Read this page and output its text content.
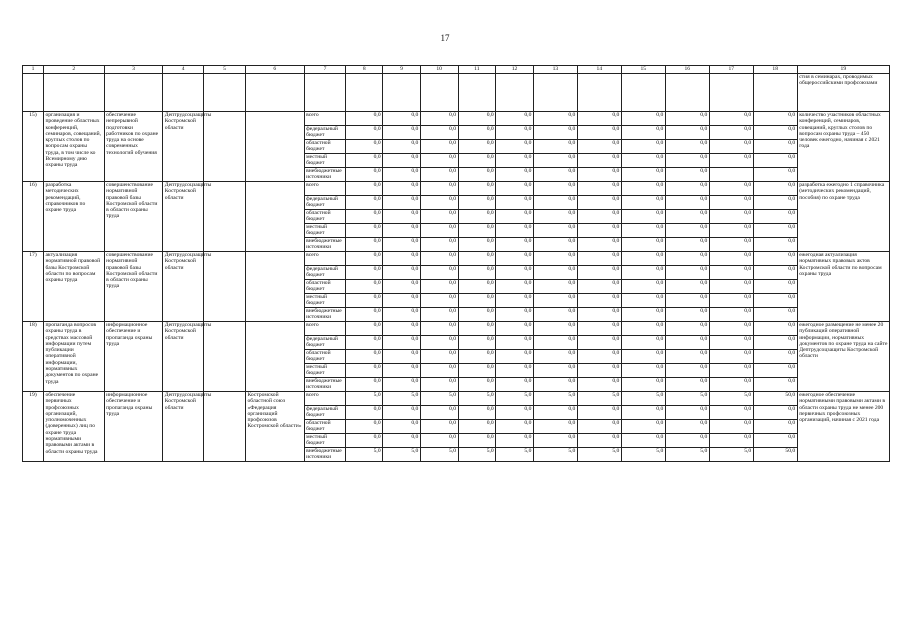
17
1	2	3	4	5	6	7	8	9	10	11	12	13	14	15	16	17	18	19
																		стия в семинарах, проводимых общероссийскими профсоюзами
15)	организация и проведение областных конференций, семинаров, совещаний, круглых столов по вопросам охраны труда, в том числе ко Всемирному дню охраны труда	обеспечение непрерывной подготовки работников по охране труда на основе современных технологий обучения	Дептрудсоцзащиты Костромской области			всего	0,0	0,0	0,0	0,0	0,0	0,0	0,0	0,0	0,0	0,0	0,0	количество участников областных конференций, семинаров, совещаний, круглых столов по вопросам охраны труда – 450 человек ежегодно, начиная с 2021 года
						федеральный бюджет	0,0	0,0	0,0	0,0	0,0	0,0	0,0	0,0	0,0	0,0	0,0	
						областной бюджет	0,0	0,0	0,0	0,0	0,0	0,0	0,0	0,0	0,0	0,0	0,0	
						местный бюджет	0,0	0,0	0,0	0,0	0,0	0,0	0,0	0,0	0,0	0,0	0,0	
						внебюджетные источники	0,0	0,0	0,0	0,0	0,0	0,0	0,0	0,0	0,0		0,0	
16)	разработка методических рекомендаций, справочников по охране труда	совершенствование нормативной правовой базы Костромской области в области охраны труда	Дептрудсоцзащиты Костромской области			всего	0,0	0,0	0,0	0,0	0,0	0,0	0,0	0,0	0,0	0,0	0,0	разработка ежегодно 1 справочника (методических рекомендаций, пособия) по охране труда
						федеральный бюджет	0,0	0,0	0,0	0,0	0,0	0,0	0,0	0,0	0,0	0,0	0,0	
						областной бюджет	0,0	0,0	0,0	0,0	0,0	0,0	0,0	0,0	0,0	0,0	0,0	
						местный бюджет	0,0	0,0	0,0	0,0	0,0	0,0	0,0	0,0	0,0	0,0	0,0	
						внебюджетные источники	0,0	0,0	0,0	0,0	0,0	0,0	0,0	0,0	0,0	0,0	0,0	
17)	актуализация нормативной правовой базы Костромской области по вопросам охраны труда	совершенствование нормативной правовой базы Костромской области в области охраны труда	Дептрудсоцзащиты Костромской области			всего	0,0	0,0	0,0	0,0	0,0	0,0	0,0	0,0	0,0	0,0	0,0	ежегодная актуализация нормативных правовых актов Костромской области по вопросам охраны труда
						федеральный бюджет	0,0	0,0	0,0	0,0	0,0	0,0	0,0	0,0	0,0	0,0	0,0	
						областной бюджет	0,0	0,0	0,0	0,0	0,0	0,0	0,0	0,0	0,0	0,0	0,0	
						местный бюджет	0,0	0,0	0,0	0,0	0,0	0,0	0,0	0,0	0,0	0,0	0,0	
						внебюджетные источники	0,0	0,0	0,0	0,0	0,0	0,0	0,0	0,0	0,0	0,0	0,0	
18)	пропаганда вопросов охраны труда в средствах массовой информации путем публикации оперативной информации, нормативных документов по охране труда	информационное обеспечение и пропаганда охраны труда	Дептрудсоцзащиты Костромской области			всего	0,0	0,0	0,0	0,0	0,0	0,0	0,0	0,0	0,0	0,0	0,0	ежегодное размещение не менее 20 публикаций оперативной информации, нормативных документов по охране труда на сайте Дептрудсоцзащиты Костромской области
						федеральный бюджет	0,0	0,0	0,0	0,0	0,0	0,0	0,0	0,0	0,0	0,0	0,0	
						областной бюджет	0,0	0,0	0,0	0,0	0,0	0,0	0,0	0,0	0,0	0,0	0,0	
						местный бюджет	0,0	0,0	0,0	0,0	0,0	0,0	0,0	0,0	0,0	0,0	0,0	
						внебюджетные источники	0,0	0,0	0,0	0,0	0,0	0,0	0,0	0,0	0,0	0,0	0,0	
19)	обеспечение первичных профсоюзных организаций, уполномоченных (доверенных) лиц по охране труда нормативными правовыми актами в области охраны труда	информационное обеспечение и пропаганда охраны труда	Дептрудсоцзащиты Костромской области		Костромской областной союз «Федерация организаций профсоюзов Костромской области»	всего	5,0	5,0	5,0	5,0	5,0	5,0	5,0	5,0	5,0	5,0	50,0	ежегодное обеспечение нормативными правовыми актами в области охраны труда не менее 200 первичных профсоюзных организаций, начиная с 2021 года
						федеральный бюджет	0,0	0,0	0,0	0,0	0,0	0,0	0,0	0,0	0,0	0,0	0,0	
						областной бюджет	0,0	0,0	0,0	0,0	0,0	0,0	0,0	0,0	0,0	0,0	0,0	
						местный бюджет	0,0	0,0	0,0	0,0	0,0	0,0	0,0	0,0	0,0	0,0	0,0	
						внебюджетные источники	5,0	5,0	5,0	5,0	5,0	5,0	5,0	5,0	5,0	5,0	50,0	
